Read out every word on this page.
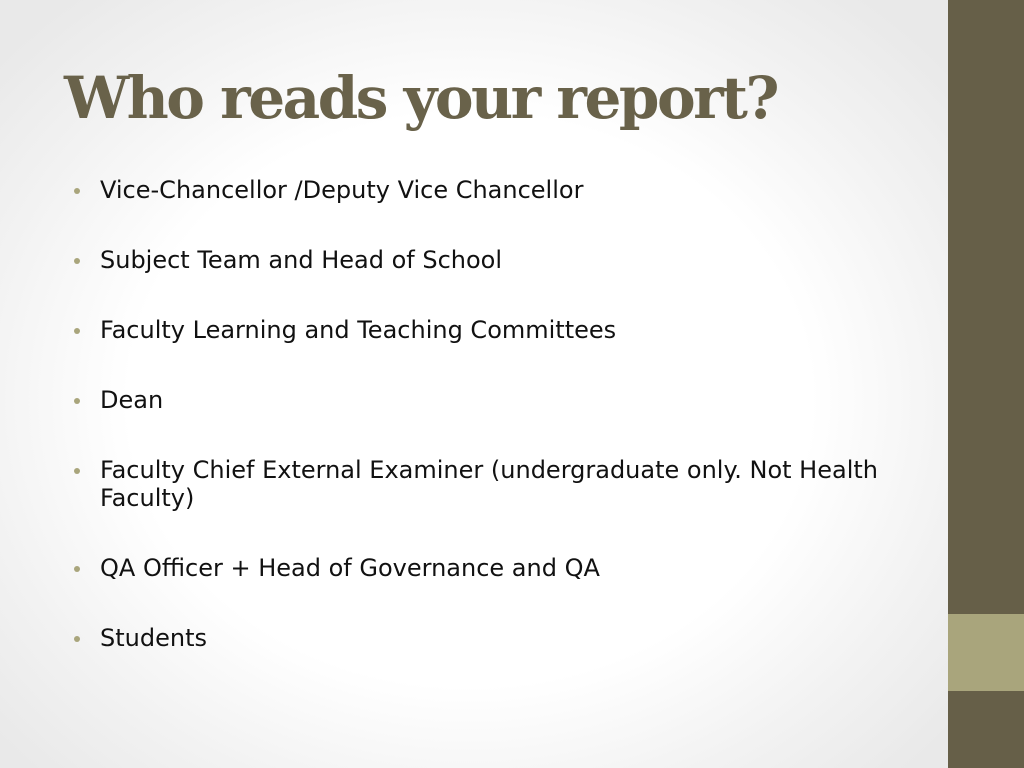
Who reads your report?
Vice-Chancellor /Deputy Vice Chancellor
Subject Team and Head of School
Faculty Learning and Teaching Committees
Dean
Faculty Chief External Examiner (undergraduate only. Not Health Faculty)
QA Officer + Head of Governance and QA
Students
